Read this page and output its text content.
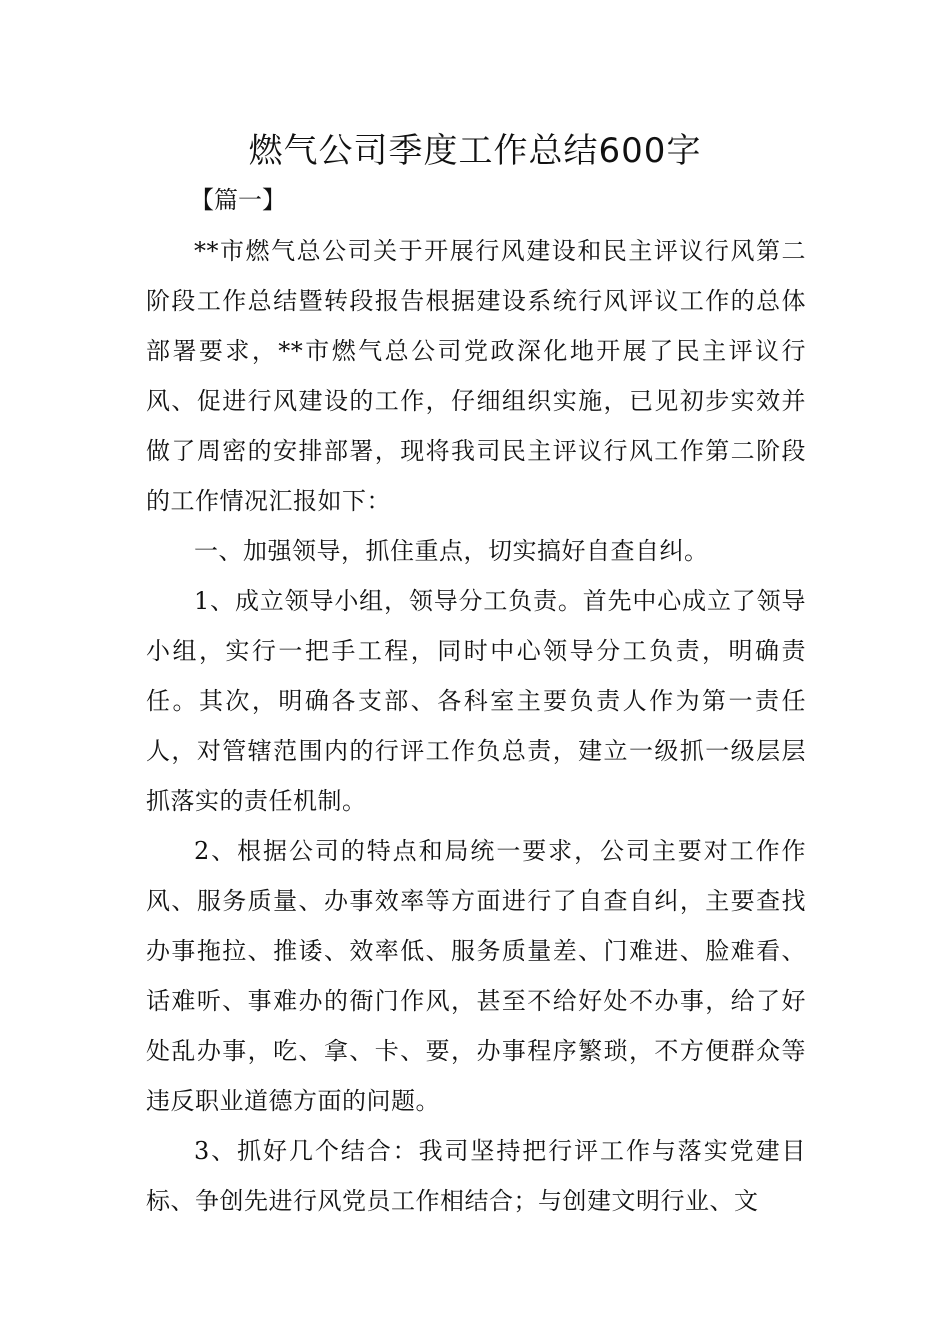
燃气公司季度工作总结600字
【篇一】

**市燃气总公司关于开展行风建设和民主评议行风第二阶段工作总结暨转段报告根据建设系统行风评议工作的总体部署要求，**市燃气总公司党政深化地开展了民主评议行风、促进行风建设的工作，仔细组织实施，已见初步实效并做了周密的安排部署，现将我司民主评议行风工作第二阶段的工作情况汇报如下：

一、加强领导，抓住重点，切实搞好自查自纠。

1、成立领导小组，领导分工负责。首先中心成立了领导小组，实行一把手工程，同时中心领导分工负责，明确责任。其次，明确各支部、各科室主要负责人作为第一责任人，对管辖范围内的行评工作负总责，建立一级抓一级层层抓落实的责任机制。

2、根据公司的特点和局统一要求，公司主要对工作作风、服务质量、办事效率等方面进行了自查自纠，主要查找办事拖拉、推诿、效率低、服务质量差、门难进、脸难看、话难听、事难办的衙门作风，甚至不给好处不办事，给了好处乱办事，吃、拿、卡、要，办事程序繁琐，不方便群众等违反职业道德方面的问题。

3、抓好几个结合：我司坚持把行评工作与落实党建目标、争创先进行风党员工作相结合；与创建文明行业、文
